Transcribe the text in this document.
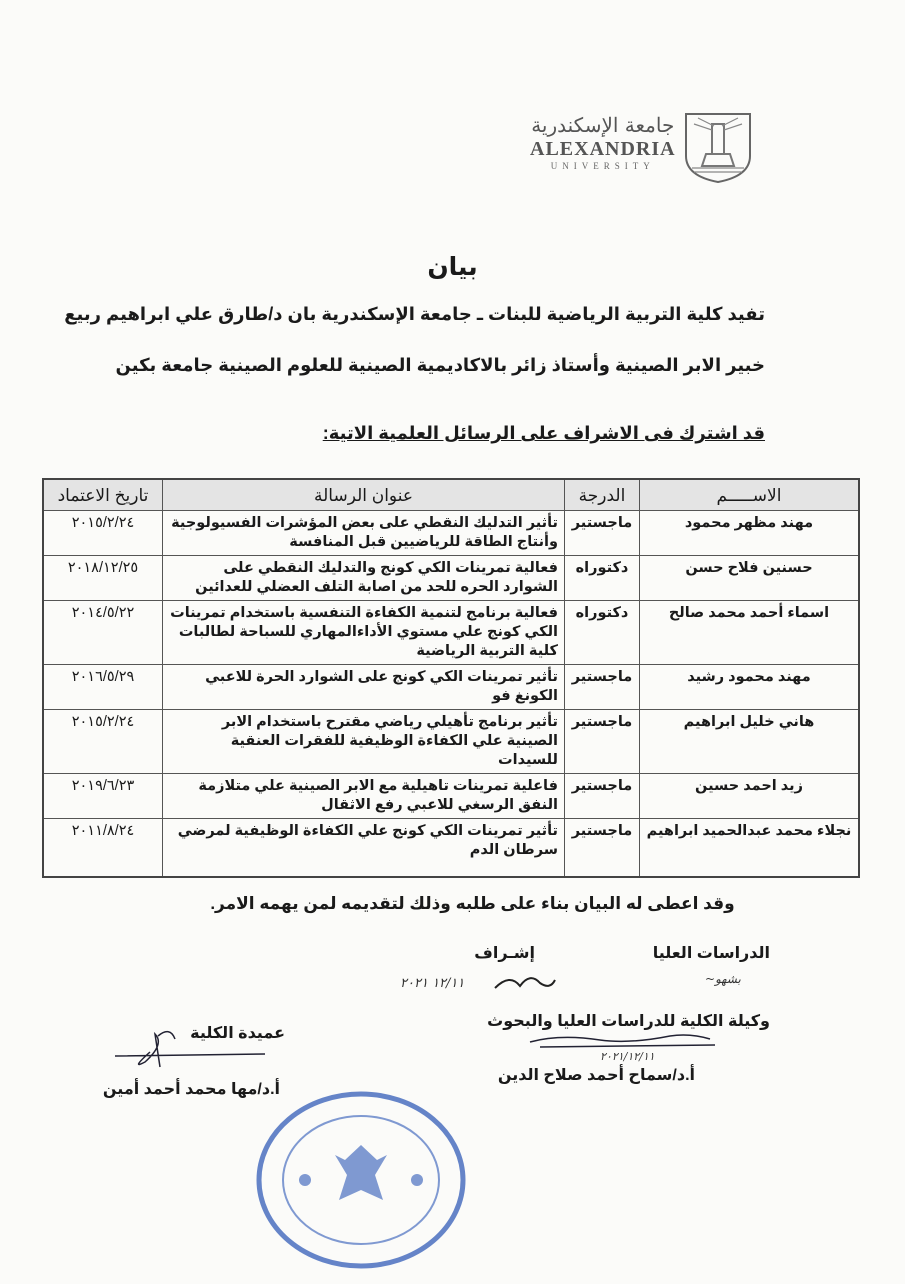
جامعة الإسكندرية
ALEXANDRIA
UNIVERSITY
بيان
تفيد كلية التربية الرياضية للبنات ـ جامعة الإسكندرية بان د/طارق علي ابراهيم ربيع
خبير الابر الصينية وأستاذ زائر بالاكاديمية الصينية للعلوم الصينية جامعة بكين
قد اشترك فى الاشراف على الرسائل العلمية الاتية:
الاســـــم	الدرجة	عنوان الرسالة	تاريخ الاعتماد
مهند مظهر محمود	ماجستير	تأثير التدليك النقطي على بعض المؤشرات الفسيولوجية وأنتاج الطاقة للرياضيين قبل المنافسة	٢٠١٥/٢/٢٤
حسنين فلاح حسن	دكتوراه	فعالية تمرينات الكي كونج والتدليك النقطي على الشوارد الحره للحد من اصابة التلف العضلي للعدائين	٢٠١٨/١٢/٢٥
اسماء أحمد محمد صالح	دكتوراه	فعالية برنامج لتنمية الكفاءة التنفسية باستخدام تمرينات الكي كونج علي مستوي الأداءالمهاري للسباحة لطالبات كلية التربية الرياضية	٢٠١٤/٥/٢٢
مهند محمود رشيد	ماجستير	تأثير تمرينات الكي كونج على الشوارد الحرة للاعبي الكونغ فو	٢٠١٦/٥/٢٩
هاني خليل ابراهيم	ماجستير	تأثير برنامج تأهيلي رياضي مقترح باستخدام الابر الصينية علي الكفاءة الوظيفية للفقرات العنقية للسيدات	٢٠١٥/٢/٢٤
زيد احمد حسين	ماجستير	فاعلية تمرينات تاهيلية مع الابر الصينية علي متلازمة النفق الرسغي للاعبي رفع الاثقال	٢٠١٩/٦/٢٣
نجلاء محمد عبدالحميد ابراهيم	ماجستير	تأثير تمرينات الكي كونج علي الكفاءة الوظيفية لمرضي سرطان الدم	٢٠١١/٨/٢٤
وقد اعطى له البيان بناء على طلبه وذلك لتقديمه لمن يهمه الامر.
الدراسات العليا
~ﺑﺸﻬﻮ
إشـراف
١٢/١١ ٢٠٢١
وكيلة الكلية للدراسات العليا والبحوث
٢٠٢١/١٢/١١
أ.د/سماح أحمد صلاح الدين
عميدة الكلية
أ.د/مها محمد أحمد أمين
